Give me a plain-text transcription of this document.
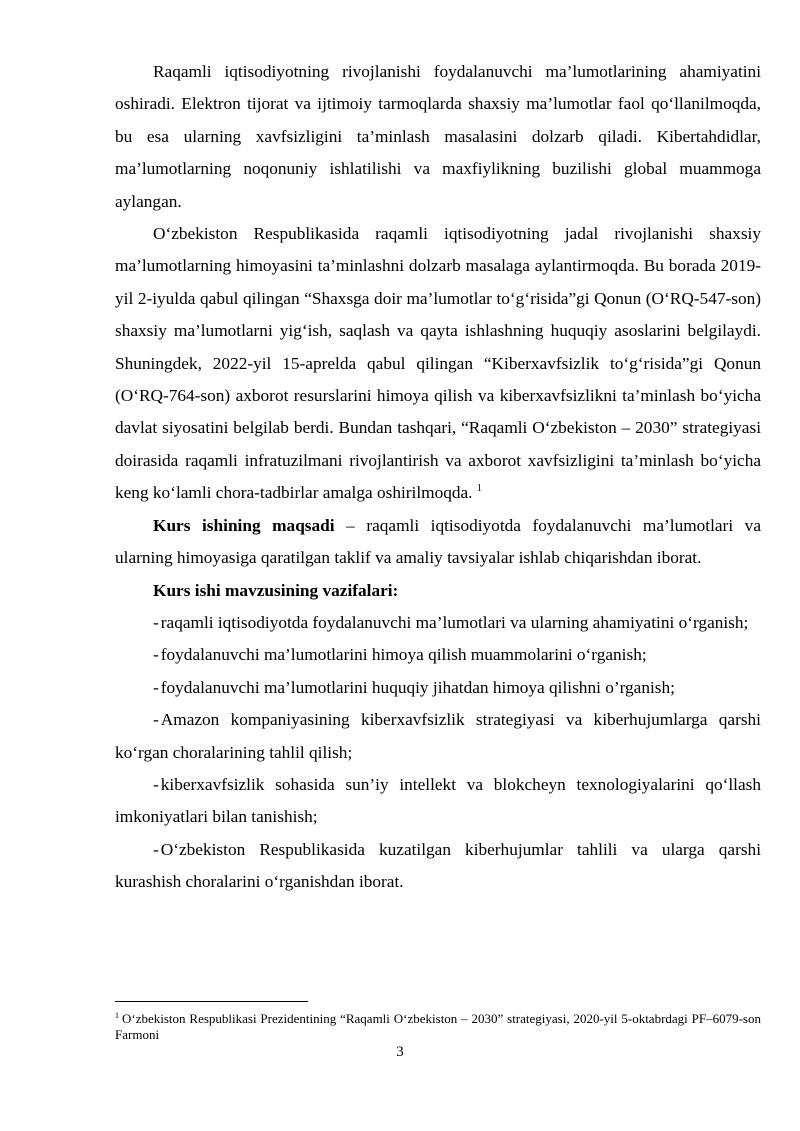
Raqamli iqtisodiyotning rivojlanishi foydalanuvchi ma’lumotlarining ahamiyatini oshiradi. Elektron tijorat va ijtimoiy tarmoqlarda shaxsiy ma’lumotlar faol qo‘llanilmoqda, bu esa ularning xavfsizligini ta’minlash masalasini dolzarb qiladi. Kibertahdidlar, ma’lumotlarning noqonuniy ishlatilishi va maxfiylikning buzilishi global muammoga aylangan.

O‘zbekiston Respublikasida raqamli iqtisodiyotning jadal rivojlanishi shaxsiy ma’lumotlarning himoyasini ta’minlashni dolzarb masalaga aylantirmoqda. Bu borada 2019-yil 2-iyulda qabul qilingan “Shaxsga doir ma’lumotlar to‘g‘risida”gi Qonun (O‘RQ-547-son) shaxsiy ma’lumotlarni yig‘ish, saqlash va qayta ishlashning huquqiy asoslarini belgilaydi. Shuningdek, 2022-yil 15-aprelda qabul qilingan “Kiberxavfsizlik to‘g‘risida”gi Qonun (O‘RQ-764-son) axborot resurslarini himoya qilish va kiberxavfsizlikni ta’minlash bo‘yicha davlat siyosatini belgilab berdi. Bundan tashqari, “Raqamli O‘zbekiston – 2030” strategiyasi doirasida raqamli infratuzilmani rivojlantirish va axborot xavfsizligini ta’minlash bo‘yicha keng ko‘lamli chora-tadbirlar amalga oshirilmoqda. $^1$

Kurs ishining maqsadi – raqamli iqtisodiyotda foydalanuvchi ma’lumotlari va ularning himoyasiga qaratilgan taklif va amaliy tavsiyalar ishlab chiqarishdan iborat.

Kurs ishi mavzusining vazifalari:

- raqamli iqtisodiyotda foydalanuvchi ma’lumotlari va ularning ahamiyatini o‘rganish;

- foydalanuvchi ma’lumotlarini himoya qilish muammolarini o‘rganish;

- foydalanuvchi ma’lumotlarini huquqiy jihatdan himoya qilishni o’rganish;

- Amazon kompaniyasining kiberxavfsizlik strategiyasi va kiberhujumlarga qarshi ko‘rgan choralarining tahlil qilish;

- kiberxavfsizlik sohasida sun’iy intellekt va blokcheyn texnologiyalarini qo‘llash imkoniyatlari bilan tanishish;

- O‘zbekiston Respublikasida kuzatilgan kiberhujumlar tahlili va ularga qarshi kurashish choralarini o‘rganishdan iborat.

$^1$ O‘zbekiston Respublikasi Prezidentining “Raqamli O‘zbekiston – 2030” strategiyasi, 2020-yil 5-oktabrdagi PF–6079-son Farmoni
3
